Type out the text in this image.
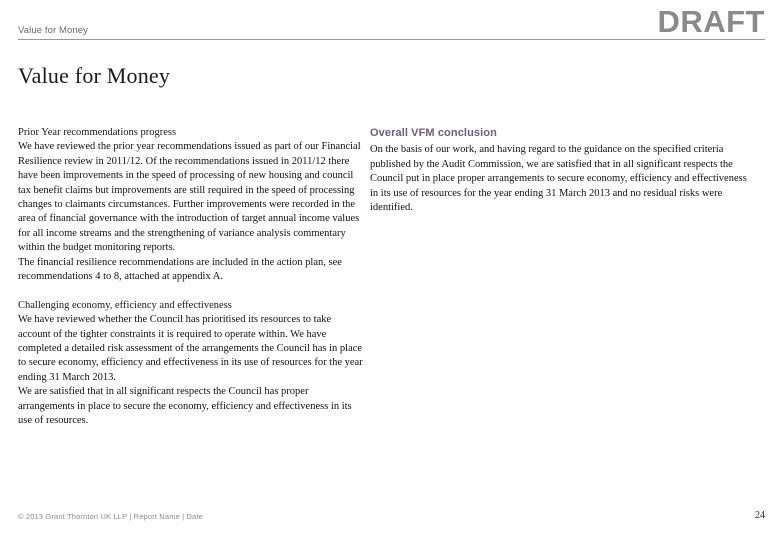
Value for Money	DRAFT
Value for Money

Prior Year recommendations progress

We have reviewed the prior year recommendations issued as part of our Financial Resilience review in 2011/12. Of the recommendations issued in 2011/12 there have been improvements in the speed of processing of new housing and council tax benefit claims but improvements are still required in the speed of processing changes to claimants circumstances. Further improvements were recorded in the area of financial governance with the introduction of target annual income values for all income streams and the strengthening of variance analysis commentary within the budget monitoring reports.

The financial resilience recommendations are included in the action plan, see recommendations 4 to 8, attached at appendix A.

Challenging economy, efficiency and effectiveness

We have reviewed whether the Council has prioritised its resources to take account of the tighter constraints it is required to operate within. We have completed a detailed risk assessment of the arrangements the Council has in place to secure economy, efficiency and effectiveness in its use of resources for the year ending 31 March 2013.

We are satisfied that in all significant respects the Council has proper arrangements in place to secure the economy, efficiency and effectiveness in its use of resources.

Overall VFM conclusion

On the basis of our work, and having regard to the guidance on the specified criteria published by the Audit Commission, we are satisfied that in all significant respects the Council put in place proper arrangements to secure economy, efficiency and effectiveness in its use of resources for the year ending 31 March 2013 and no residual risks were identified.

© 2013 Grant Thornton UK LLP | Report Name | Date	24
